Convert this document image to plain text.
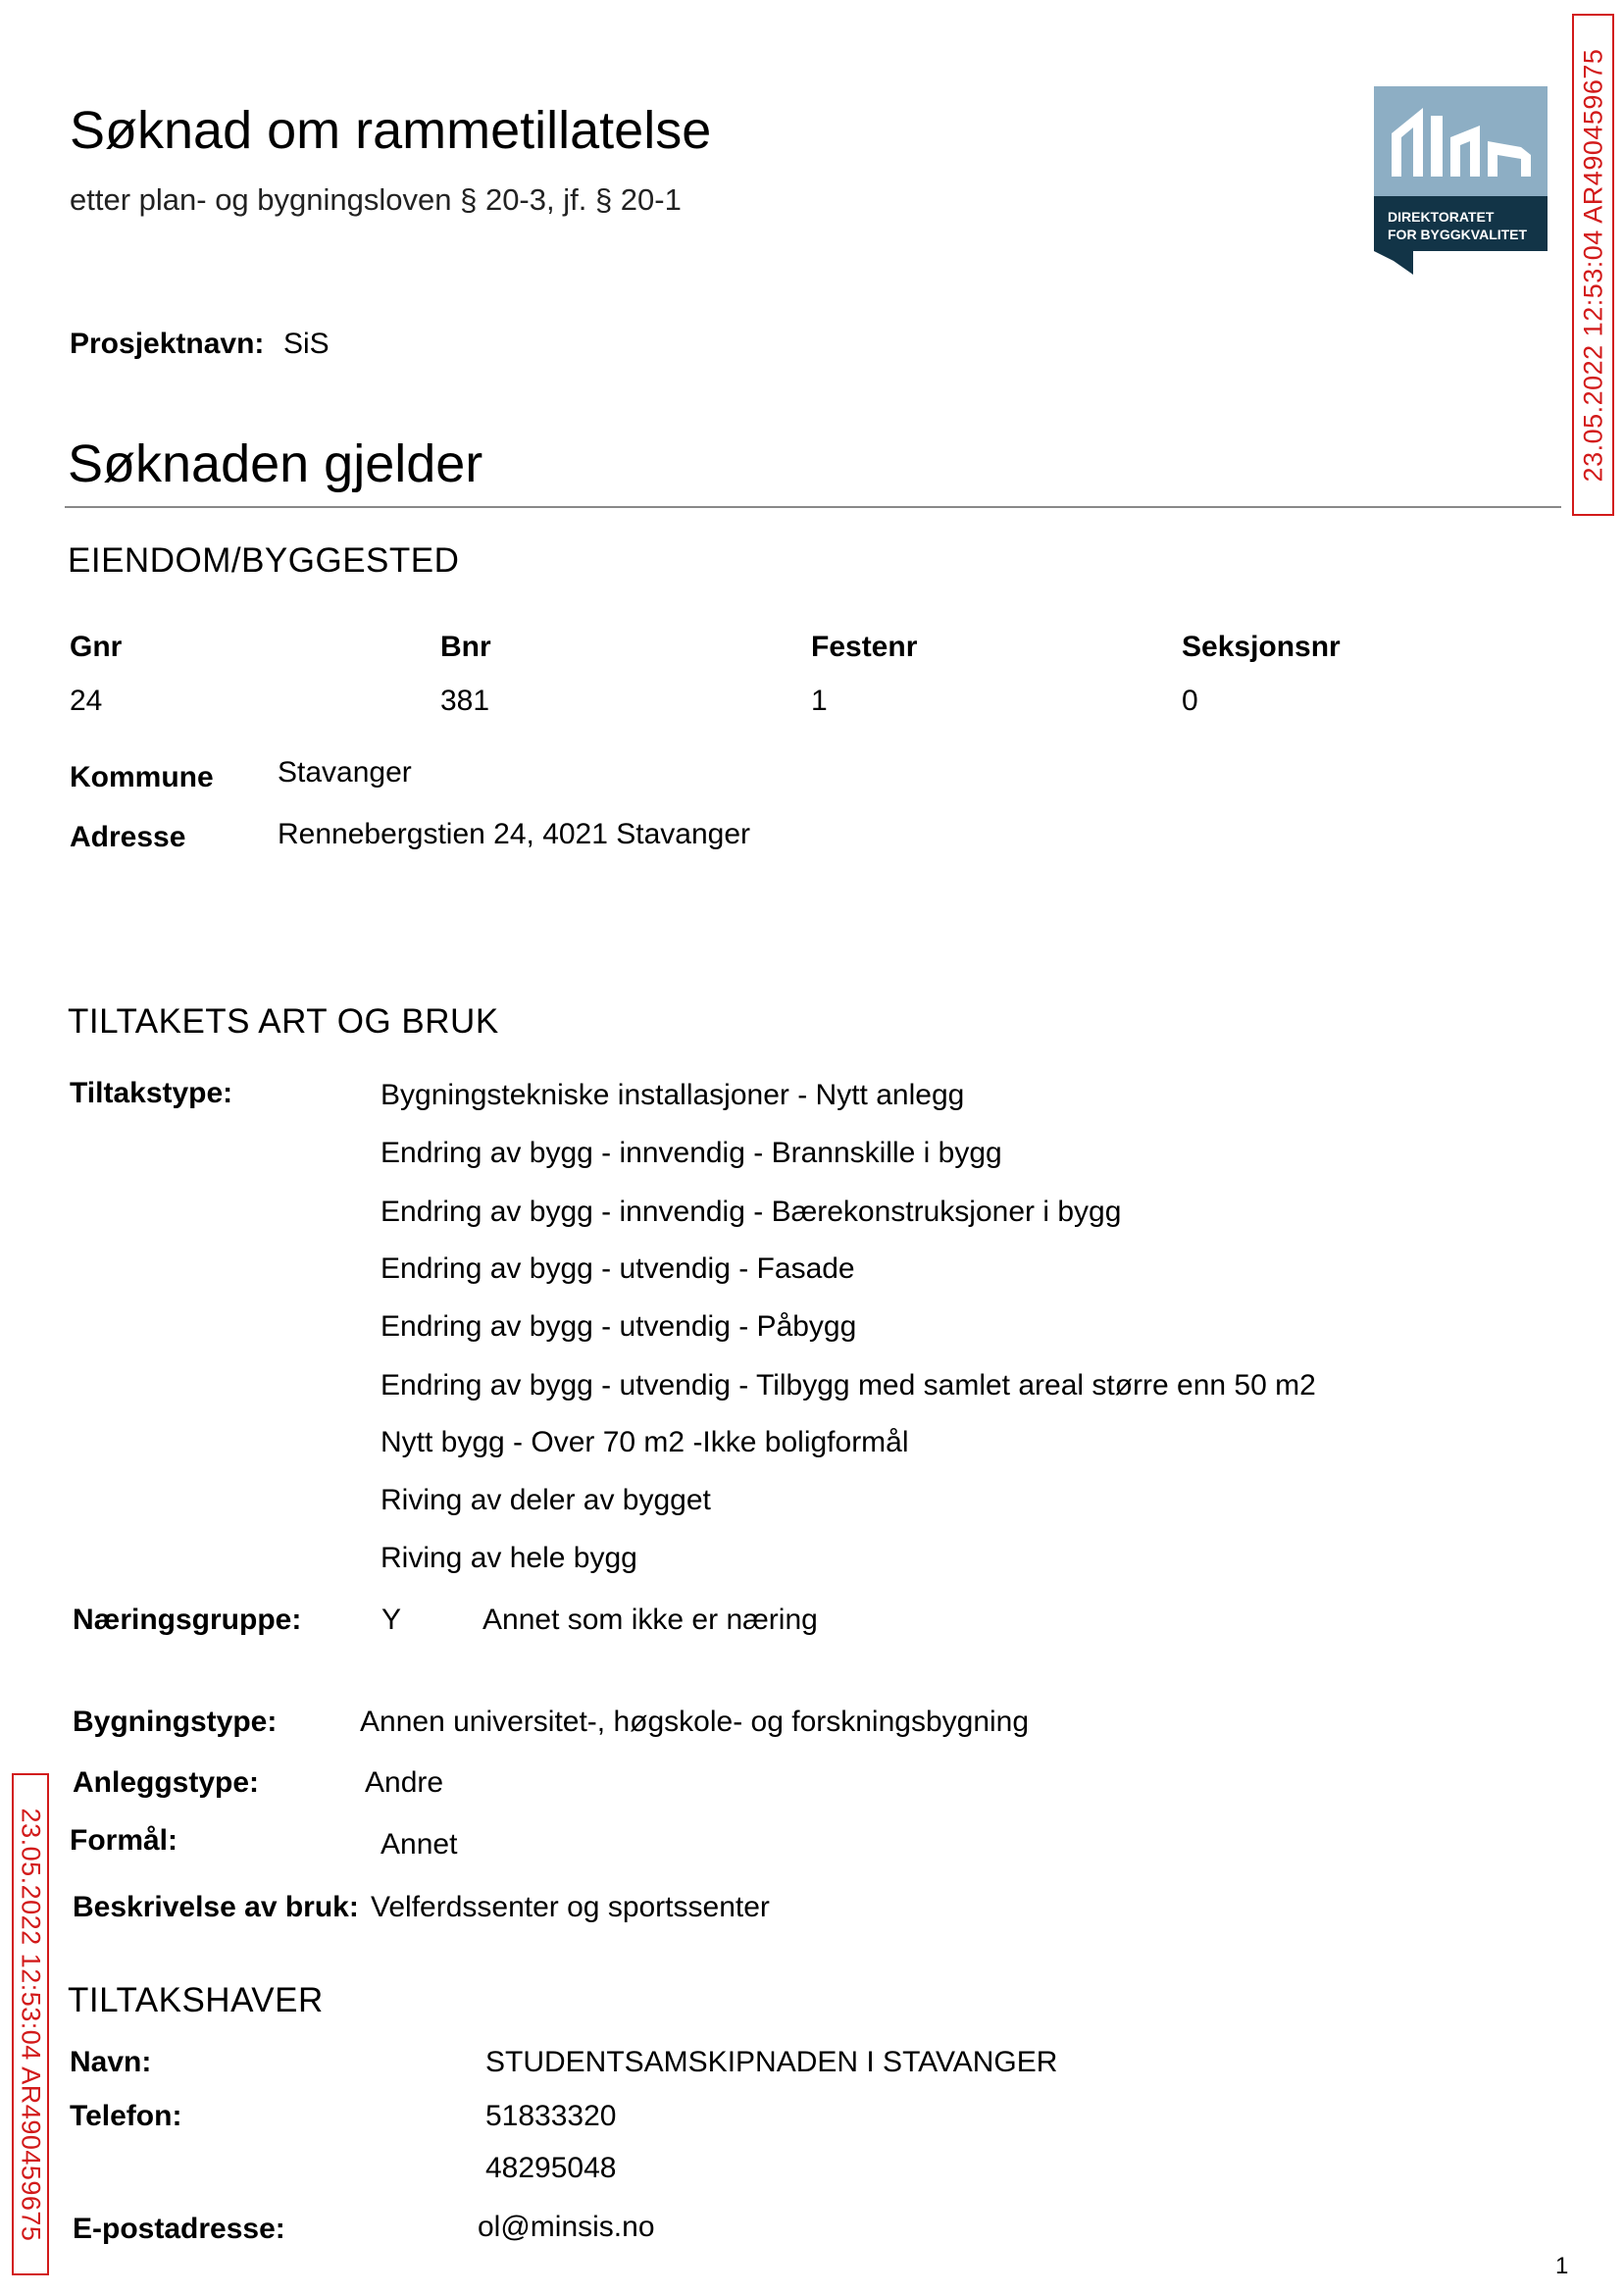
Søknad om rammetillatelse
etter plan- og bygningsloven § 20-3, jf. § 20-1	DIREKTORATET
FOR BYGGKVALITET 23.05.2022 12:53:04 AR490459675
23.05.2022 12:53:04 AR490459675
Prosjektnavn: SiS
Søknaden gjelder
EIENDOM/BYGGESTED
Gnr
24
Bnr
381
Festenr
1
Seksjonsnr
0
Kommune Stavanger
Adresse	Rennebergstien 24, 4021 Stavanger
TILTAKETS ART OG BRUK
Tiltakstype:	Bygningstekniske installasjoner - Nytt anlegg
Endring av bygg - innvendig - Brannskille i bygg
Endring av bygg - innvendig - Bærekonstruksjoner i bygg
Endring av bygg - utvendig - Fasade
Endring av bygg - utvendig - Påbygg
Endring av bygg - utvendig - Tilbygg med samlet areal større enn 50 m2
Nytt bygg - Over 70 m2 -Ikke boligformål
Riving av deler av bygget
Riving av hele bygg
Næringsgruppe:	Y	Annet som ikke er næring
Bygningstype:	Annen universitet-, høgskole- og forskningsbygning
Anleggstype:	Andre
Formål:	Annet
Beskrivelse av bruk: Velferdssenter og sportssenter
TILTAKSHAVER
Navn:	STUDENTSAMSKIPNADEN I STAVANGER
Telefon:	51833320
48295048
E-postadresse:	ol@minsis.no
1
